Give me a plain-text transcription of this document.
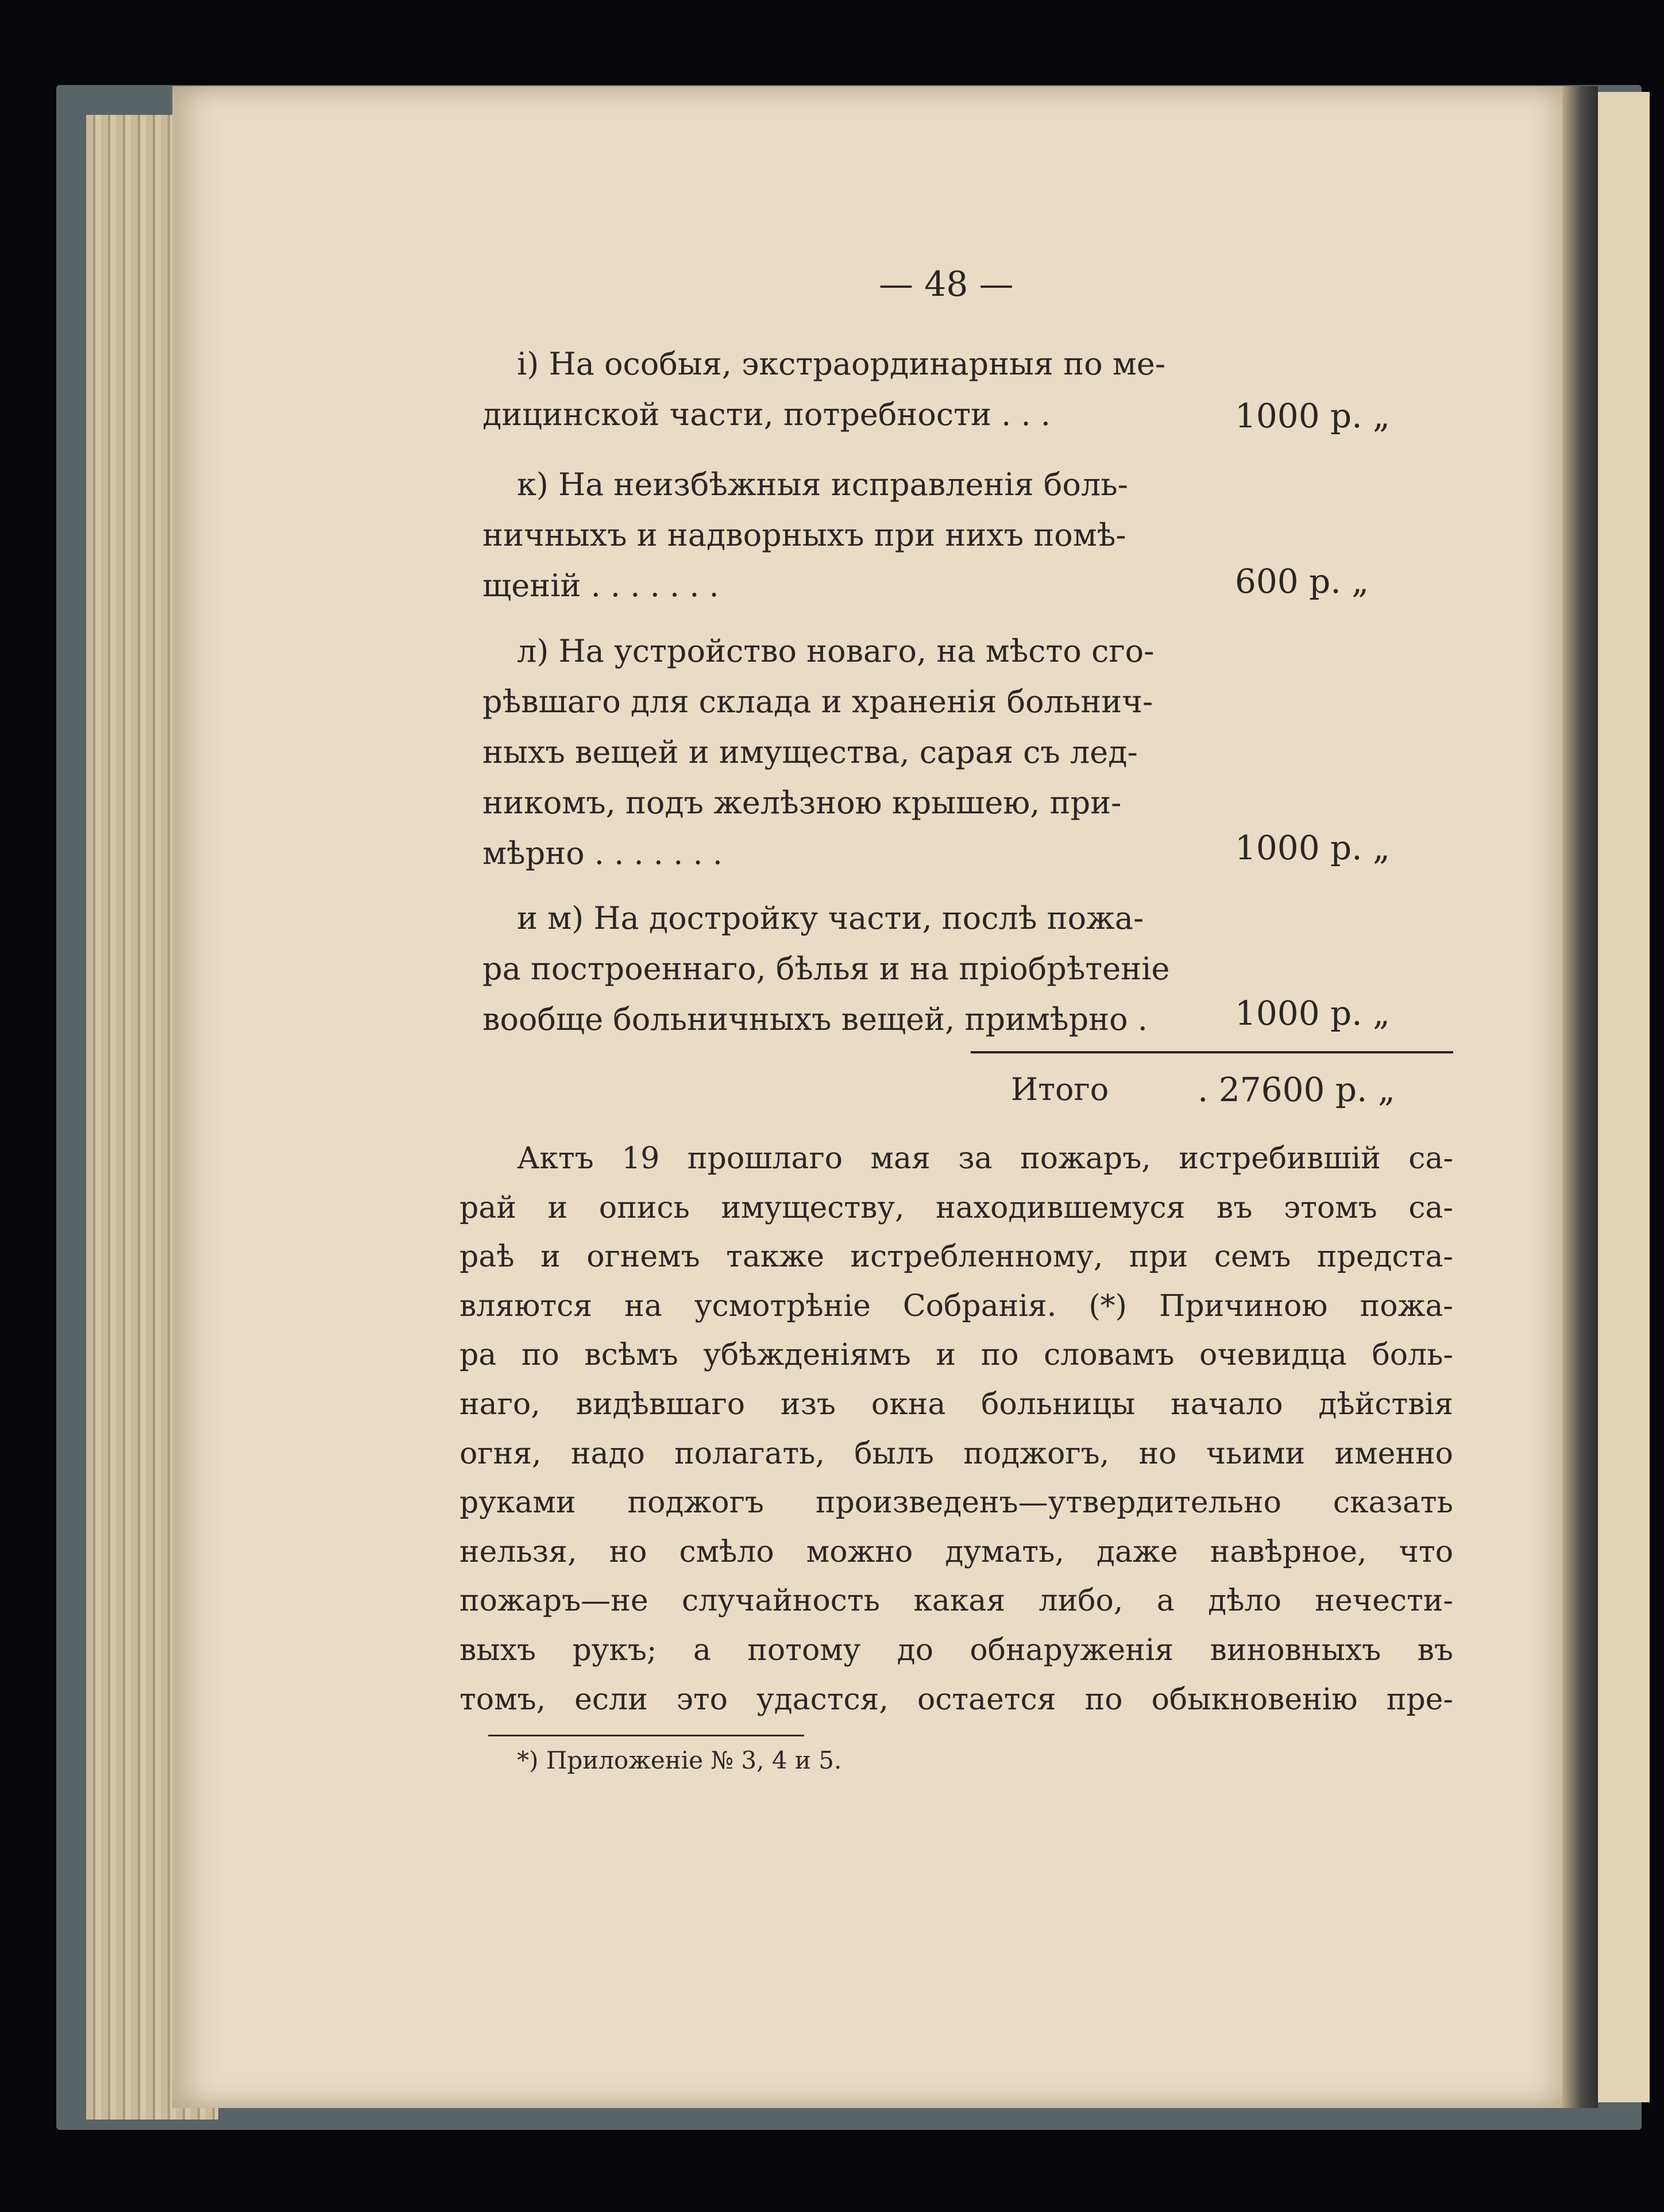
— 48 —
i) На особыя, экстраординарныя по ме-
дицинской части, потребности . . .	1000 р. „
к) На неизбѣжныя исправленія боль-
ничныхъ и надворныхъ при нихъ помѣ-
щеній . . . . . . .	600 р. „
л) На устройство новаго, на мѣсто сго-
рѣвшаго для склада и храненія больнич-
ныхъ вещей и имущества, сарая съ лед-
никомъ, подъ желѣзною крышею, при-
мѣрно . . . . . . .	1000 р. „
и м) На достройку части, послѣ пожа-
ра построеннаго, бѣлья и на пріобрѣтеніе
вообще больничныхъ вещей, примѣрно .	1000 р. „
Итого	. 27600 р. „
Актъ 19 прошлаго мая за пожаръ, истребившій са-
рай и опись имуществу, находившемуся въ этомъ са-
раѣ и огнемъ также истребленному, при семъ предста-
вляются на усмотрѣніе Собранія. (*) Причиною пожа-
ра по всѣмъ убѣжденіямъ и по словамъ очевидца боль-
наго, видѣвшаго изъ окна больницы начало дѣйствія
огня, надо полагать, былъ поджогъ, но чьими именно
руками поджогъ произведенъ—утвердительно сказать
нельзя, но смѣло можно думать, даже навѣрное, что
пожаръ—не случайность какая либо, а дѣло нечести-
выхъ рукъ; а потому до обнаруженія виновныхъ въ
томъ, если это удастся, остается по обыкновенію пре-
*) Приложеніе № 3, 4 и 5.
